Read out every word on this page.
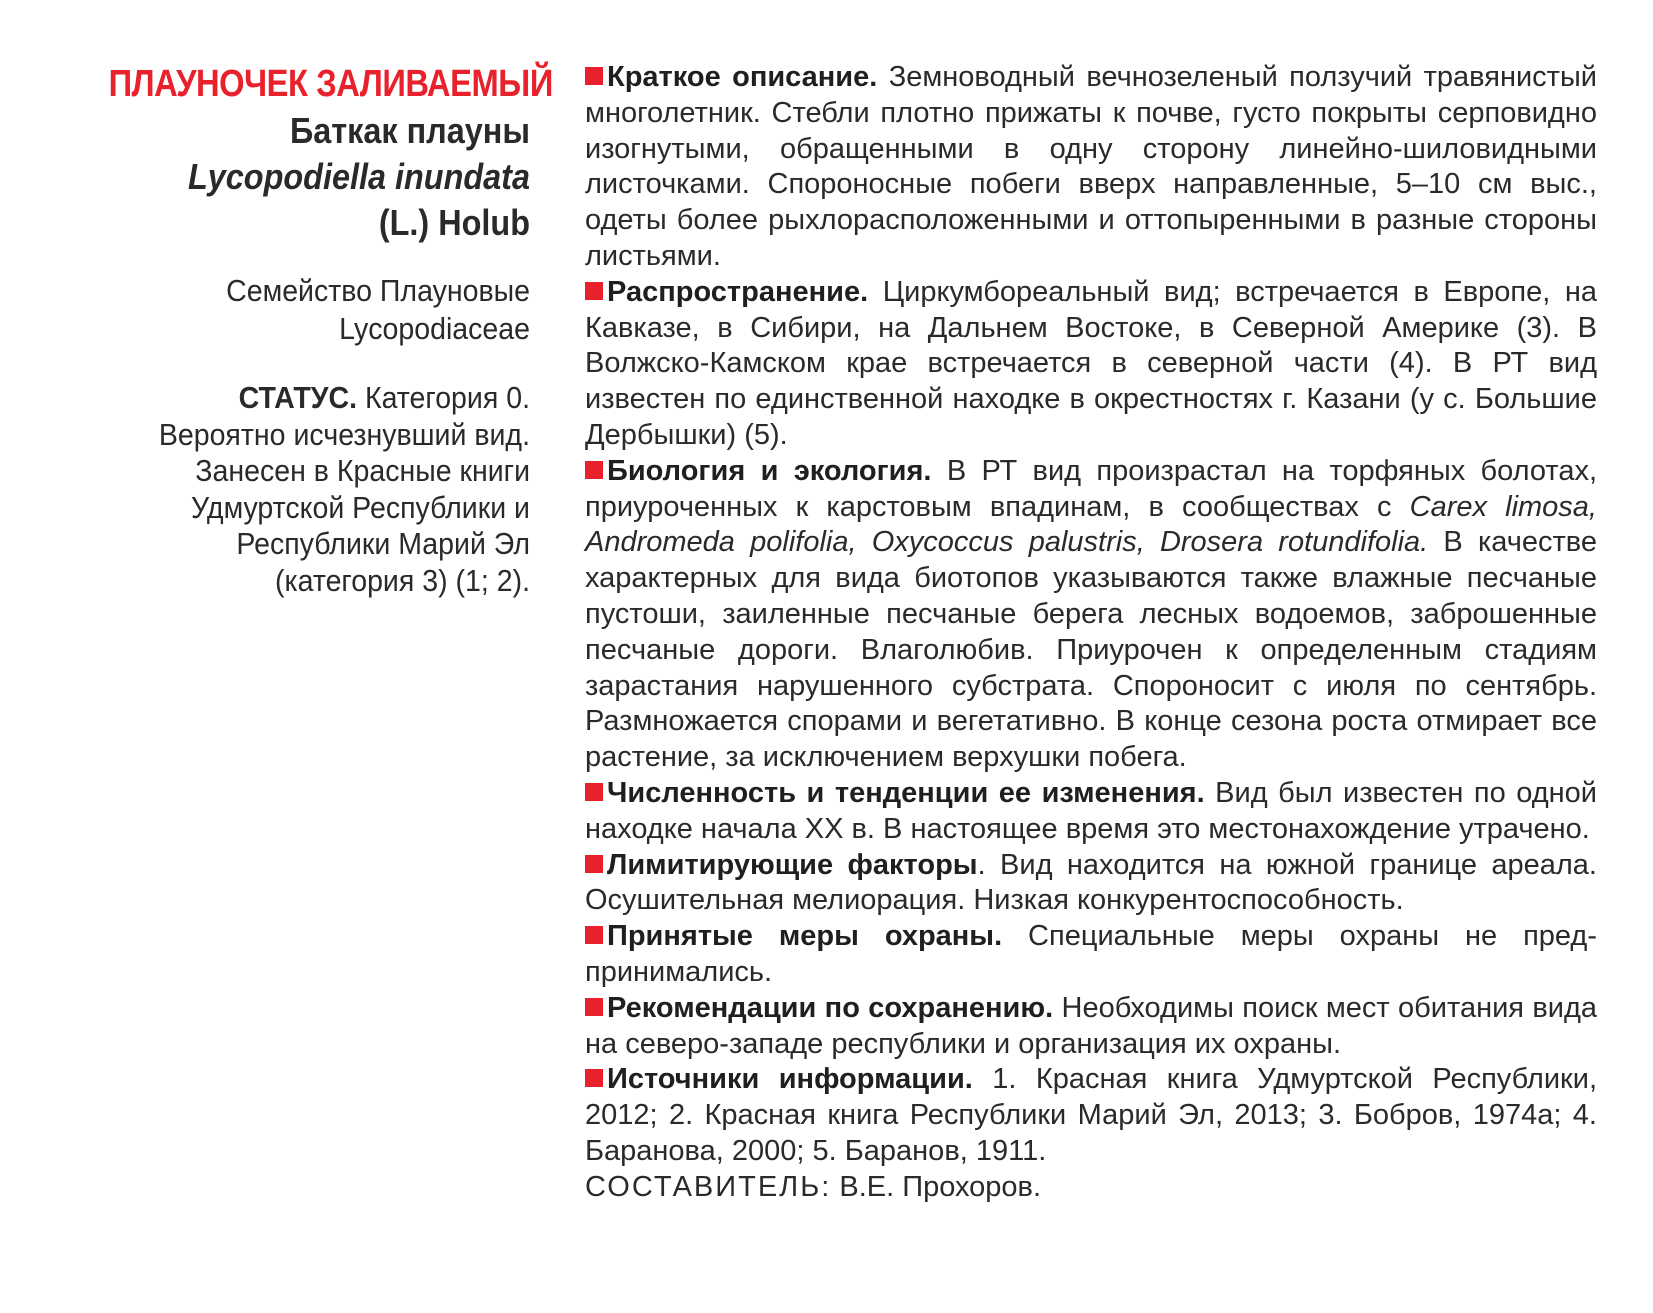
ПЛАУНОЧЕК ЗАЛИВАЕМЫЙ
Баткак плауны
Lycopodiella inundata
(L.) Holub
Семейство Плауновые
Lycopodiaceae
СТАТУС. Категория 0.
Вероятно исчезнувший вид.
Занесен в Красные книги
Удмуртской Республики и
Республики Марий Эл
(категория 3) (1; 2).

Краткое описание. Земноводный вечнозеленый ползучий травянистый многолетник. Стебли плотно прижаты к почве, густо покрыты серповидно изогнутыми, обращенными в одну сторону линейно-шиловидными листочками. Спороносные побеги вверх направленные, 5–10 см выс., одеты более рыхлорасположенными и оттопыренными в разные стороны листьями.

Распространение. Циркумбореальный вид; встречается в Европе, на Кавказе, в Сибири, на Дальнем Востоке, в Северной Америке (3). В Волжско-Камском крае встречается в северной части (4). В РТ вид известен по единственной находке в окрестностях г. Казани (у с. Большие Дербышки) (5).

Биология и экология. В РТ вид произрастал на торфяных болотах, приуроченных к карстовым впадинам, в сообществах с Carex limosa, Andromeda polifolia, Oxycoccus palustris, Drosera rotundifolia. В качестве характерных для вида биотопов указываются также влажные песчаные пустоши, заиленные песчаные берега лесных водоемов, заброшенные песчаные дороги. Влаголюбив. Приурочен к определенным стадиям зарастания нарушенного субстрата. Спороносит с июля по сентябрь. Размножается спорами и вегетативно. В конце сезона роста отмирает все растение, за исключением верхушки побега.

Численность и тенденции ее изменения. Вид был известен по одной находке начала XX в. В настоящее время это местонахождение утрачено.

Лимитирующие факторы. Вид находится на южной границе ареала. Осушительная мелиорация. Низкая конкурентоспособность.

Принятые меры охраны. Специальные меры охраны не предпринимались.

Рекомендации по сохранению. Необходимы поиск мест обитания вида на северо-западе республики и организация их охраны.

Источники информации. 1. Красная книга Удмуртской Республики, 2012; 2. Красная книга Республики Марий Эл, 2013; 3. Бобров, 1974а; 4. Баранова, 2000; 5. Баранов, 1911.

СОСТАВИТЕЛЬ: В.Е. Прохоров.
